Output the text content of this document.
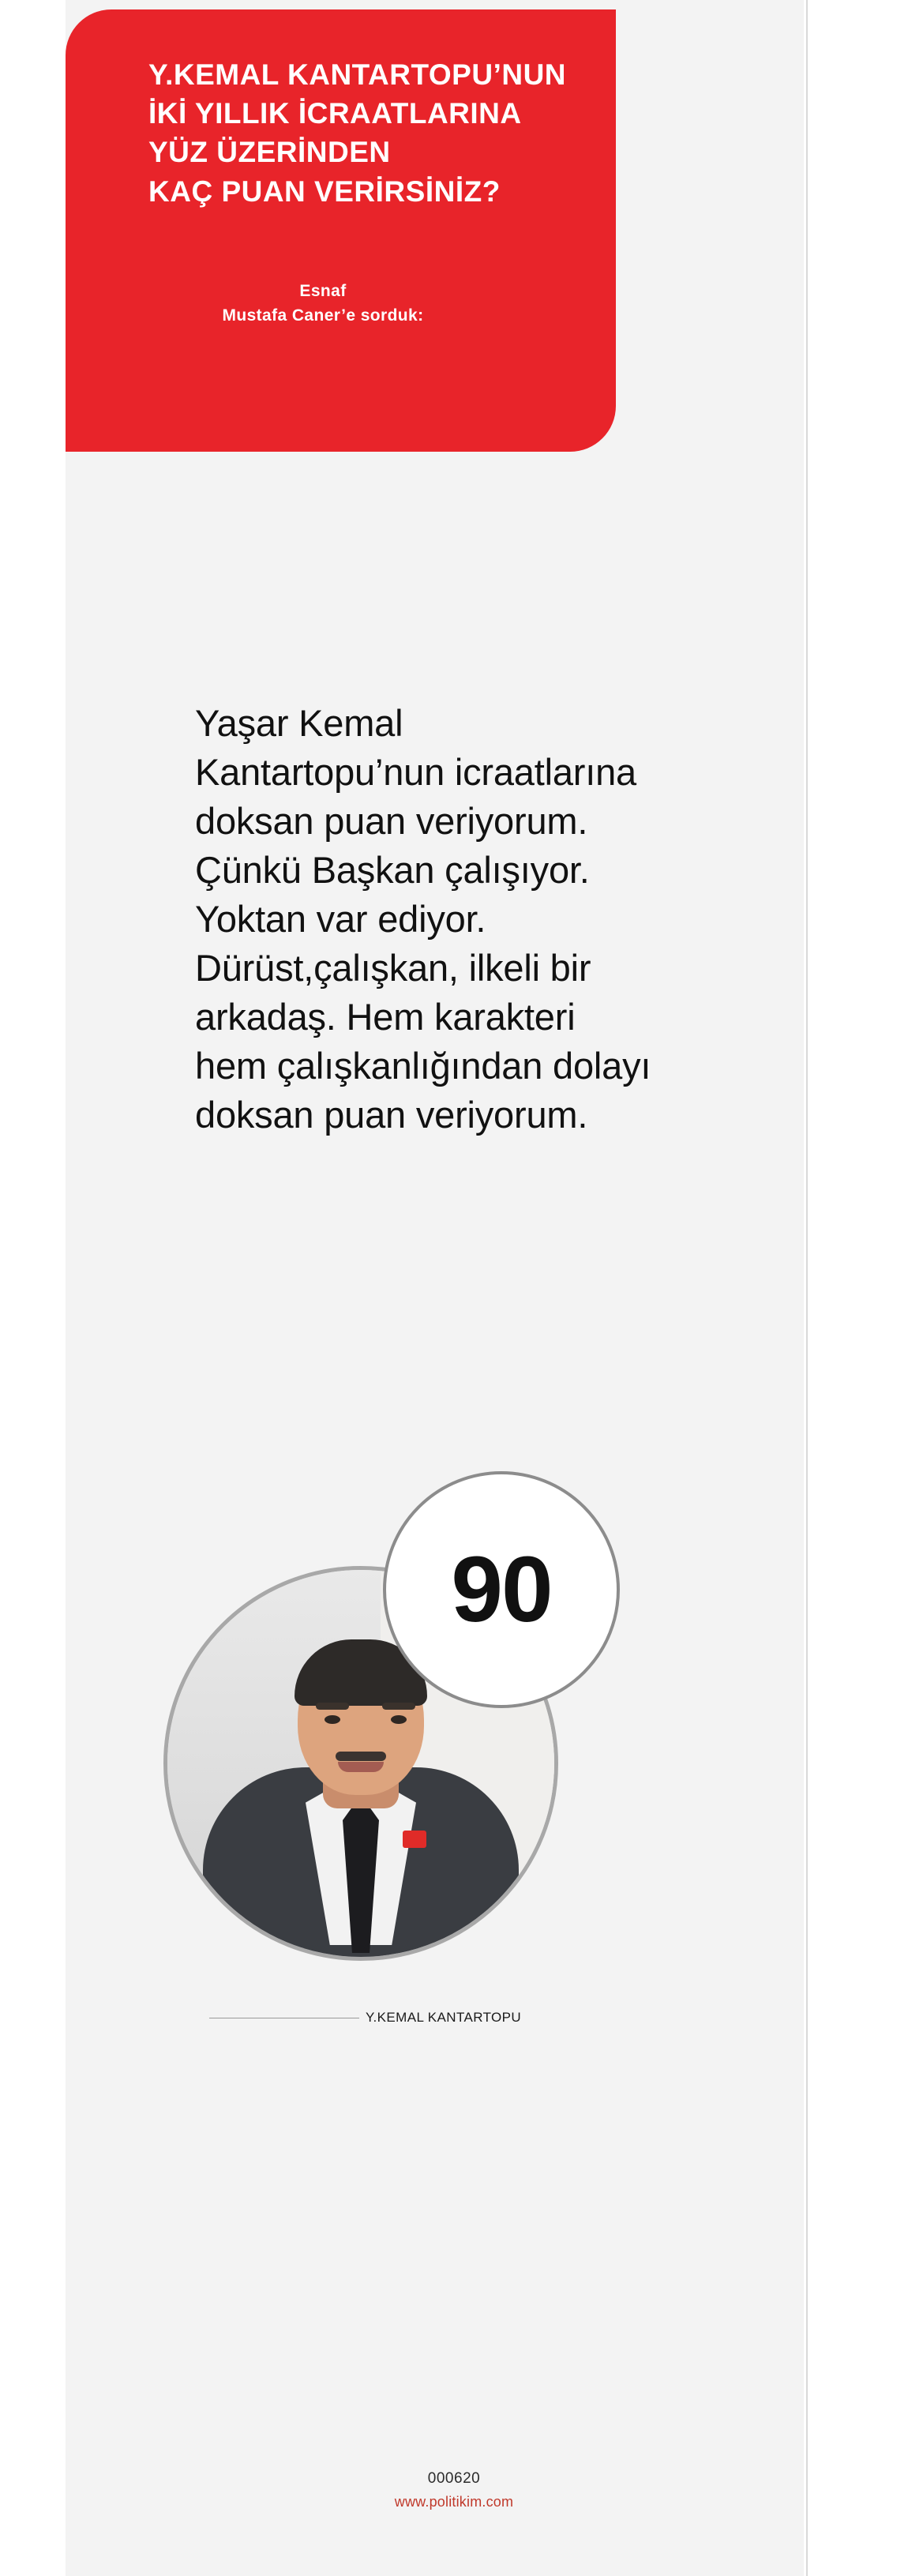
Y.KEMAL KANTARTOPU’NUN
İKİ YILLIK İCRAATLARINA
YÜZ ÜZERİNDEN
KAÇ PUAN VERİRSİNİZ?
Esnaf
Mustafa Caner’e sorduk:

Yaşar Kemal Kantartopu’nun icraatlarına doksan puan veriyorum. Çünkü Başkan çalışıyor. Yoktan var ediyor. Dürüst,çalışkan, ilkeli bir arkadaş. Hem karakteri hem çalışkanlığından dolayı doksan puan veriyorum.

90
Y.KEMAL KANTARTOPU
000620
www.politikim.com
